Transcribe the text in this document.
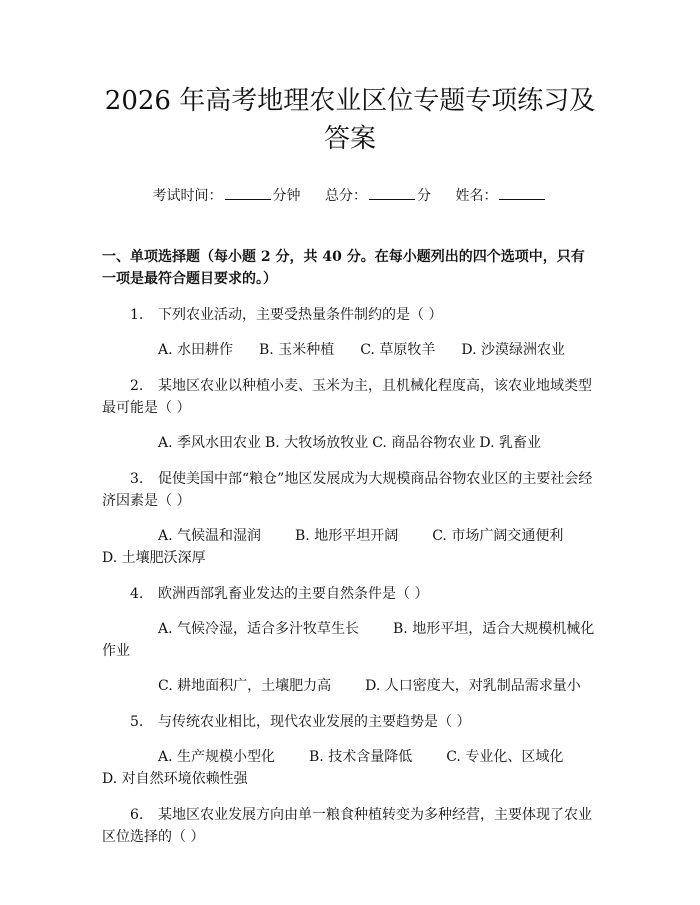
2026 年高考地理农业区位专题专项练习及答案
考试时间：	分钟 总分：	分 姓名：
一、单项选择题（每小题 2 分，共 40 分。在每小题列出的四个选项中，只有一项是最符合题目要求的。）
1. 下列农业活动，主要受热量条件制约的是（ ）
A. 水田耕作 B. 玉米种植 C. 草原牧羊 D. 沙漠绿洲农业
2. 某地区农业以种植小麦、玉米为主，且机械化程度高，该农业地域类型最可能是（ ）
A. 季风水田农业 B. 大牧场放牧业 C. 商品谷物农业 D. 乳畜业
3. 促使美国中部“粮仓”地区发展成为大规模商品谷物农业区的主要社会经济因素是（ ）
A. 气候温和湿润 B. 地形平坦开阔 C. 市场广阔交通便利D. 土壤肥沃深厚
4. 欧洲西部乳畜业发达的主要自然条件是（ ）
A. 气候冷湿，适合多汁牧草生长 B. 地形平坦，适合大规模机械化作业
C. 耕地面积广，土壤肥力高 D. 人口密度大，对乳制品需求量小
5. 与传统农业相比，现代农业发展的主要趋势是（ ）
A. 生产规模小型化 B. 技术含量降低 C. 专业化、区域化D. 对自然环境依赖性强
6. 某地区农业发展方向由单一粮食种植转变为多种经营，主要体现了农业区位选择的（ ）
